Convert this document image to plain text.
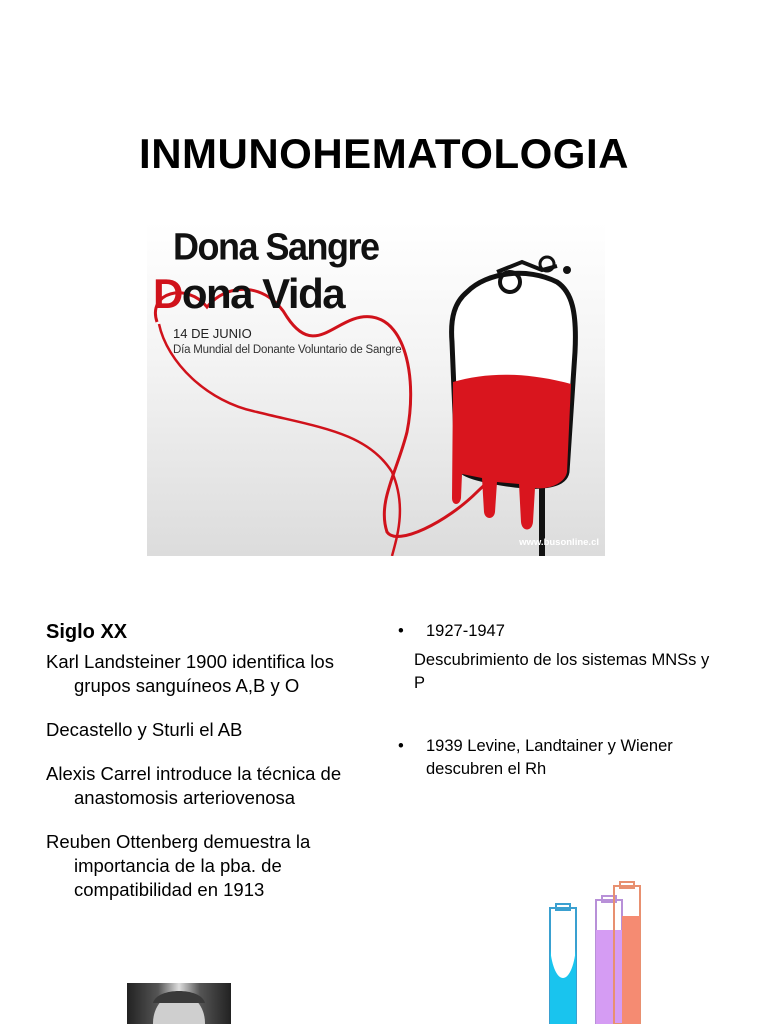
INMUNOHEMATOLOGIA
Dona Sangre
Dona Vida
14 DE JUNIO
Día Mundial del Donante Voluntario de Sangre
www.busonline.cl
Siglo XX

Karl Landsteiner 1900 identifica los grupos sanguíneos A,B y O

Decastello y Sturli el AB

Alexis Carrel introduce la técnica de anastomosis arteriovenosa

Reuben Ottenberg demuestra la importancia de la pba. de compatibilidad en 1913

• 1927-1947
Descubrimiento de los sistemas MNSs y P
• 1939 Levine, Landtainer y Wiener descubren el Rh
